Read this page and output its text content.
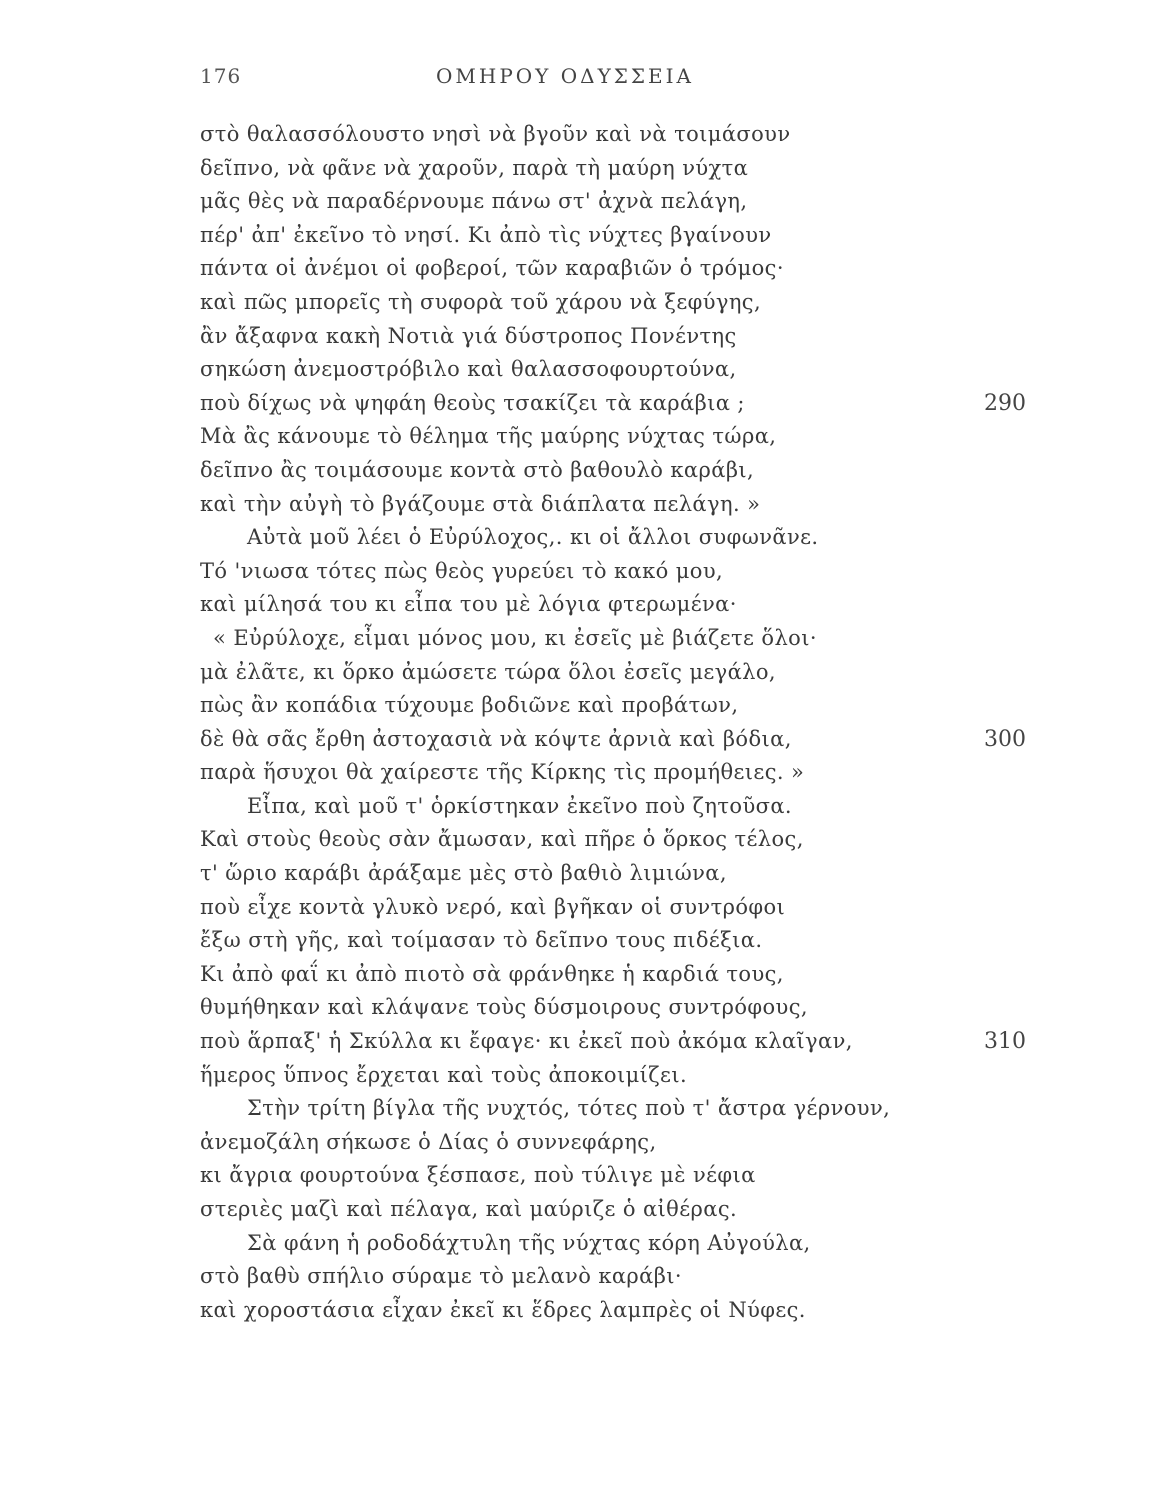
176	ΟΜΗΡΟΥ ΟΔΥΣΣΕΙΑ
στὸ θαλασσόλουστο νησὶ νὰ βγοῦν καὶ νὰ τοιμάσουν
δεῖπνο, νὰ φᾶνε νὰ χαροῦν, παρὰ τὴ μαύρη νύχτα
μᾶς θὲς νὰ παραδέρνουμε πάνω στ' ἀχνὰ πελάγη,
πέρ' ἀπ' ἐκεῖνο τὸ νησί. Κι ἀπὸ τὶς νύχτες βγαίνουν
πάντα οἱ ἀνέμοι οἱ φοβεροί, τῶν καραβιῶν ὁ τρόμος·
καὶ πῶς μπορεῖς τὴ συφορὰ τοῦ χάρου νὰ ξεφύγης,
ἂν ἄξαφνα κακὴ Νοτιὰ γιά δύστροπος Πονέντης
σηκώση ἀνεμοστρόβιλο καὶ θαλασσοφουρτούνα,
ποὺ δίχως νὰ ψηφάη θεοὺς τσακίζει τὰ καράβια ;	290
Μὰ ἂς κάνουμε τὸ θέλημα τῆς μαύρης νύχτας τώρα,
δεῖπνο ἂς τοιμάσουμε κοντὰ στὸ βαθουλὸ καράβι,
καὶ τὴν αὐγὴ τὸ βγάζουμε στὰ διάπλατα πελάγη. »
Αὐτὰ μοῦ λέει ὁ Εὐρύλοχος,. κι οἱ ἄλλοι συφωνᾶνε.
Τό 'νιωσα τότες πὼς θεὸς γυρεύει τὸ κακό μου,
καὶ μίλησά του κι εἶπα του μὲ λόγια φτερωμένα·
« Εὐρύλοχε, εἶμαι μόνος μου, κι ἐσεῖς μὲ βιάζετε ὅλοι·
μὰ ἐλᾶτε, κι ὅρκο ἀμώσετε τώρα ὅλοι ἐσεῖς μεγάλο,
πὼς ἂν κοπάδια τύχουμε βοδιῶνε καὶ προβάτων,
δὲ θὰ σᾶς ἔρθη ἀστοχασιὰ νὰ κόψτε ἀρνιὰ καὶ βόδια,	300
παρὰ ἥσυχοι θὰ χαίρεστε τῆς Κίρκης τὶς προμήθειες. »
Εἶπα, καὶ μοῦ τ' ὁρκίστηκαν ἐκεῖνο ποὺ ζητοῦσα.
Καὶ στοὺς θεοὺς σὰν ἄμωσαν, καὶ πῆρε ὁ ὅρκος τέλος,
τ' ὥριο καράβι ἀράξαμε μὲς στὸ βαθιὸ λιμιώνα,
ποὺ εἶχε κοντὰ γλυκὸ νερό, καὶ βγῆκαν οἱ συντρόφοι
ἔξω στὴ γῆς, καὶ τοίμασαν τὸ δεῖπνο τους πιδέξια.
Κι ἀπὸ φαΐ κι ἀπὸ πιοτὸ σὰ φράνθηκε ἡ καρδιά τους,
θυμήθηκαν καὶ κλάψανε τοὺς δύσμοιρους συντρόφους,
ποὺ ἅρπαξ' ἡ Σκύλλα κι ἔφαγε· κι ἐκεῖ ποὺ ἀκόμα κλαῖγαν,	310
ἥμερος ὕπνος ἔρχεται καὶ τοὺς ἀποκοιμίζει.
Στὴν τρίτη βίγλα τῆς νυχτός, τότες ποὺ τ' ἄστρα γέρνουν,
ἀνεμοζάλη σήκωσε ὁ Δίας ὁ συννεφάρης,
κι ἄγρια φουρτούνα ξέσπασε, ποὺ τύλιγε μὲ νέφια
στεριὲς μαζὶ καὶ πέλαγα, καὶ μαύριζε ὁ αἰθέρας.
Σὰ φάνη ἡ ροδοδάχτυλη τῆς νύχτας κόρη Αὐγούλα,
στὸ βαθὺ σπήλιο σύραμε τὸ μελανὸ καράβι·
καὶ χοροστάσια εἶχαν ἐκεῖ κι ἕδρες λαμπρὲς οἱ Νύφες.
